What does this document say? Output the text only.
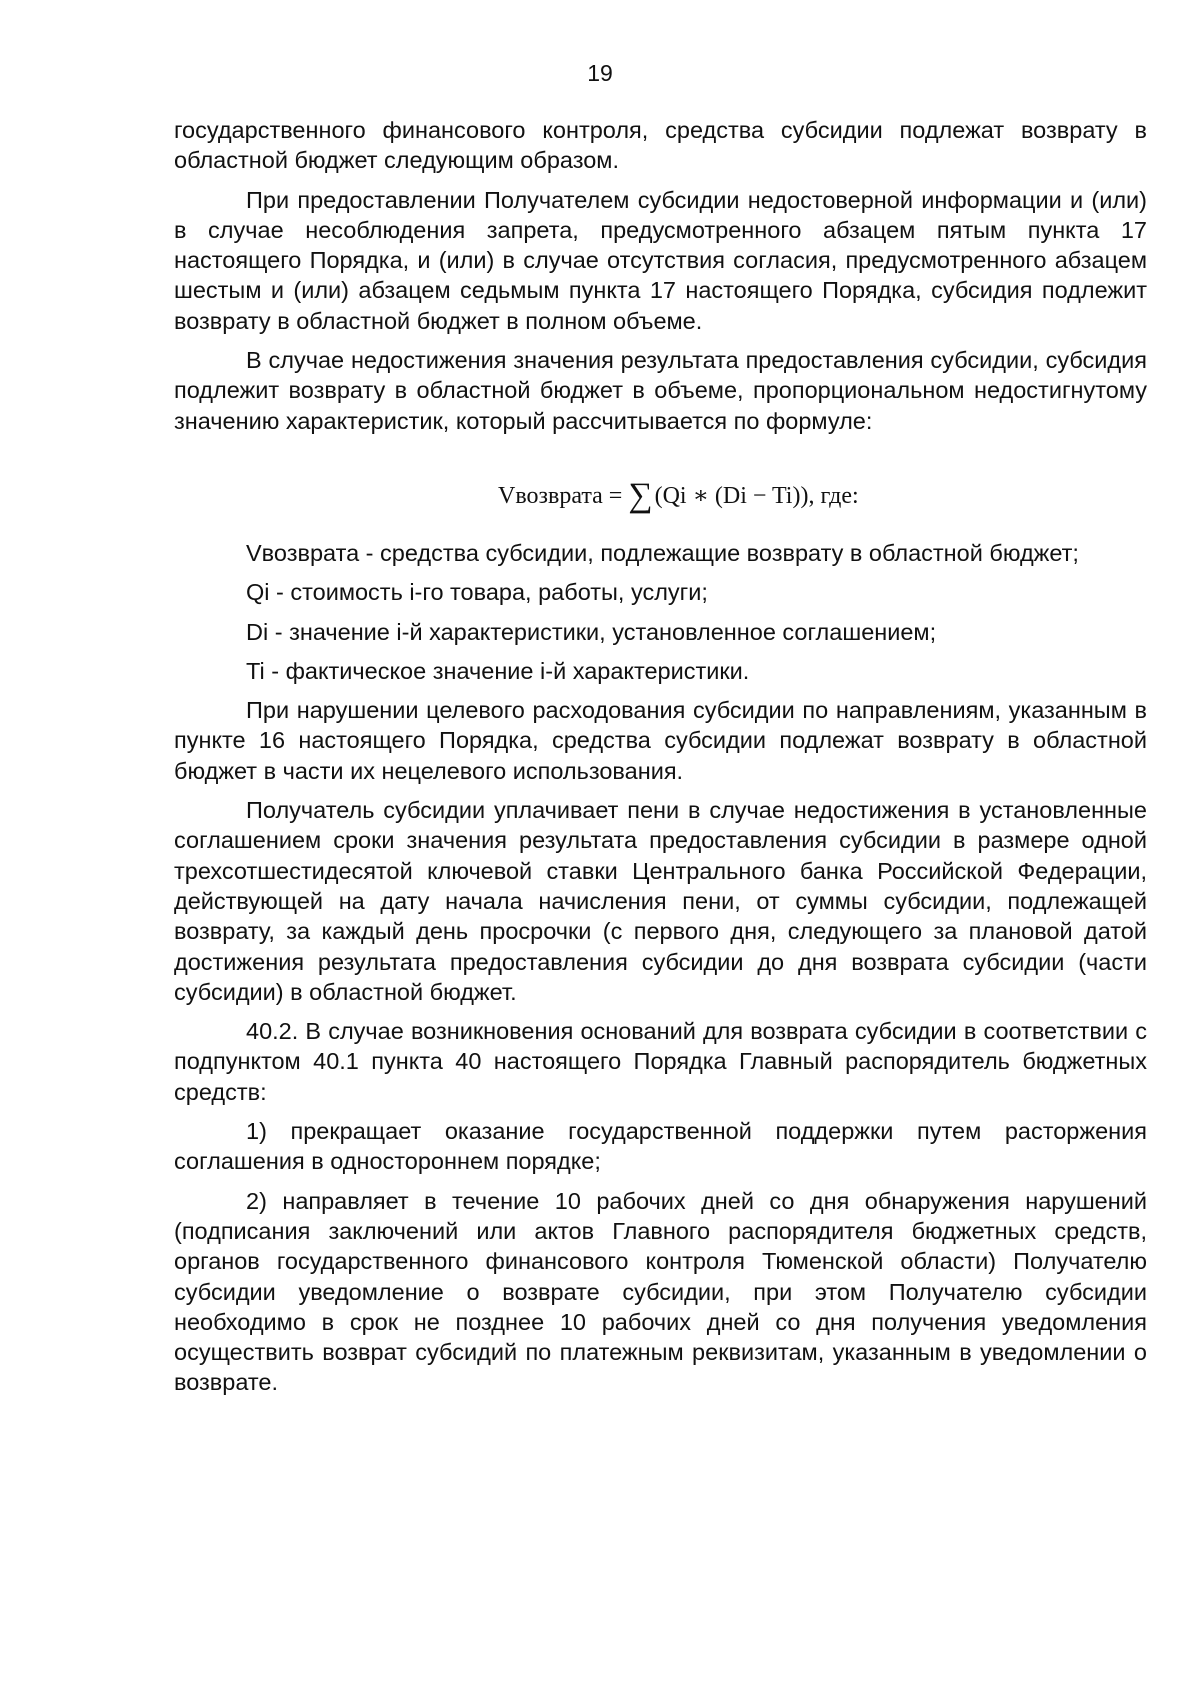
19

государственного финансового контроля, средства субсидии подлежат возврату в областной бюджет следующим образом.

При предоставлении Получателем субсидии недостоверной информации и (или) в случае несоблюдения запрета, предусмотренного абзацем пятым пункта 17 настоящего Порядка, и (или) в случае отсутствия согласия, предусмотренного абзацем шестым и (или) абзацем седьмым пункта 17 настоящего Порядка, субсидия подлежит возврату в областной бюджет в полном объеме.

В случае недостижения значения результата предоставления субсидии, субсидия подлежит возврату в областной бюджет в объеме, пропорциональном недостигнутому значению характеристик, который рассчитывается по формуле:

Vвозврата = ∑(Qi ∗ (Di − Ti)), где:

Vвозврата - средства субсидии, подлежащие возврату в областной бюджет;

Qi - стоимость i-го товара, работы, услуги;

Di - значение i-й характеристики, установленное соглашением;

Ti - фактическое значение i-й характеристики.

При нарушении целевого расходования субсидии по направлениям, указанным в пункте 16 настоящего Порядка, средства субсидии подлежат возврату в областной бюджет в части их нецелевого использования.

Получатель субсидии уплачивает пени в случае недостижения в установленные соглашением сроки значения результата предоставления субсидии в размере одной трехсотшестидесятой ключевой ставки Центрального банка Российской Федерации, действующей на дату начала начисления пени, от суммы субсидии, подлежащей возврату, за каждый день просрочки (с первого дня, следующего за плановой датой достижения результата предоставления субсидии до дня возврата субсидии (части субсидии) в областной бюджет.

40.2. В случае возникновения оснований для возврата субсидии в соответствии с подпунктом 40.1 пункта 40 настоящего Порядка Главный распорядитель бюджетных средств:

1) прекращает оказание государственной поддержки путем расторжения соглашения в одностороннем порядке;

2) направляет в течение 10 рабочих дней со дня обнаружения нарушений (подписания заключений или актов Главного распорядителя бюджетных средств, органов государственного финансового контроля Тюменской области) Получателю субсидии уведомление о возврате субсидии, при этом Получателю субсидии необходимо в срок не позднее 10 рабочих дней со дня получения уведомления осуществить возврат субсидий по платежным реквизитам, указанным в уведомлении о возврате.
